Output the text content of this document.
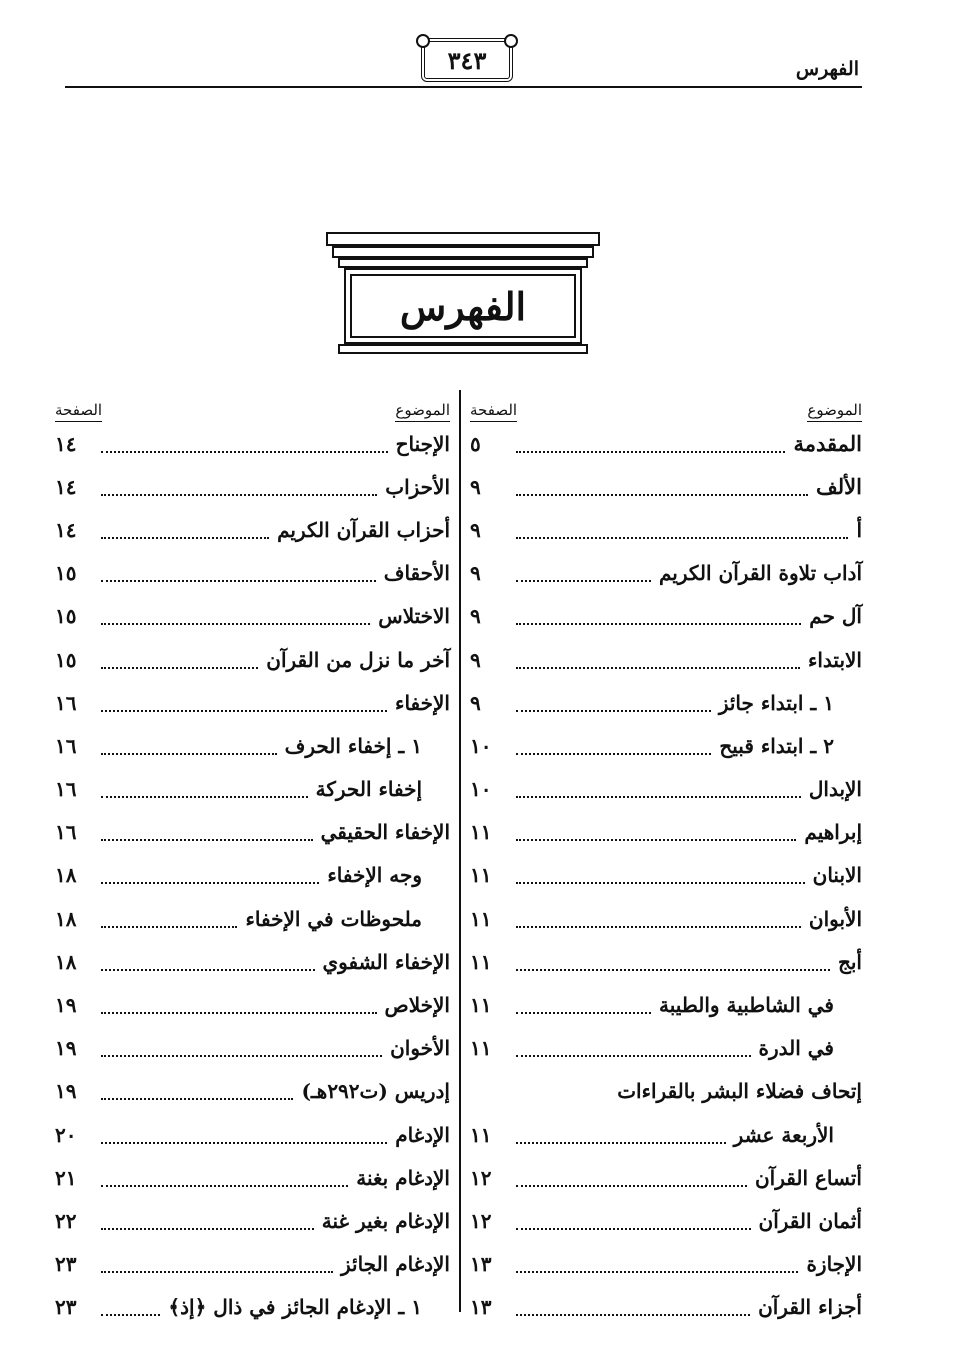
الفهرس
٣٤٣
الفهرس
الموضوع
الصفحة
المقدمة
٥
الألف
٩
أ
٩
آداب تلاوة القرآن الكريم
٩
آل حم
٩
الابتداء
٩
١ ـ ابتداء جائز
٩
٢ ـ ابتداء قبيح
١٠
الإبدال
١٠
إبراهيم
١١
الابنان
١١
الأبوان
١١
أبج
١١
في الشاطبية والطيبة
١١
في الدرة
١١
إتحاف فضلاء البشر بالقراءات
الأربعة عشر
١١
أتساع القرآن
١٢
أثمان القرآن
١٢
الإجازة
١٣
أجزاء القرآن
١٣
الموضوع
الصفحة
الإجناح
١٤
الأحزاب
١٤
أحزاب القرآن الكريم
١٤
الأحقاف
١٥
الاختلاس
١٥
آخر ما نزل من القرآن
١٥
الإخفاء
١٦
١ ـ إخفاء الحرف
١٦
إخفاء الحركة
١٦
الإخفاء الحقيقي
١٦
وجه الإخفاء
١٨
ملحوظات في الإخفاء
١٨
الإخفاء الشفوي
١٨
الإخلاص
١٩
الأخوان
١٩
إدريس (ت٢٩٢هـ)
١٩
الإدغام
٢٠
الإدغام بغنة
٢١
الإدغام بغير غنة
٢٢
الإدغام الجائز
٢٣
١ ـ الإدغام الجائز في ذال ﴿إذ﴾
٢٣
